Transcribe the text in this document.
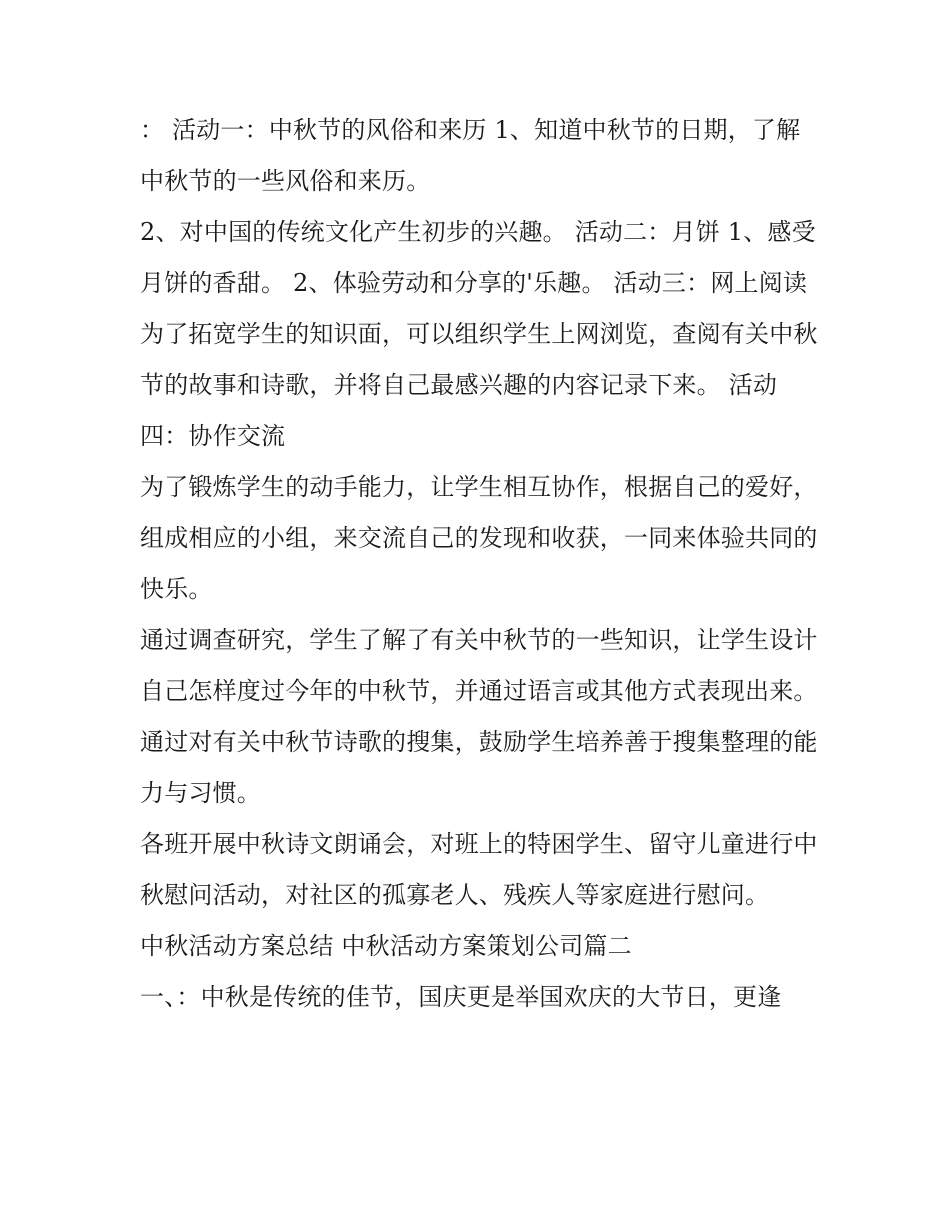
： 活动一：中秋节的风俗和来历 1、知道中秋节的日期，了解中秋节的一些风俗和来历。

2、对中国的传统文化产生初步的兴趣。 活动二：月饼 1、感受月饼的香甜。 2、体验劳动和分享的'乐趣。 活动三：网上阅读

为了拓宽学生的知识面，可以组织学生上网浏览，查阅有关中秋节的故事和诗歌，并将自己最感兴趣的内容记录下来。 活动四：协作交流

为了锻炼学生的动手能力，让学生相互协作，根据自己的爱好，组成相应的小组，来交流自己的发现和收获，一同来体验共同的快乐。

通过调查研究，学生了解了有关中秋节的一些知识，让学生设计自己怎样度过今年的中秋节，并通过语言或其他方式表现出来。

通过对有关中秋节诗歌的搜集，鼓励学生培养善于搜集整理的能力与习惯。

各班开展中秋诗文朗诵会，对班上的特困学生、留守儿童进行中秋慰问活动，对社区的孤寡老人、残疾人等家庭进行慰问。

中秋活动方案总结 中秋活动方案策划公司篇二

一、：中秋是传统的佳节，国庆更是举国欢庆的大节日，更逢
